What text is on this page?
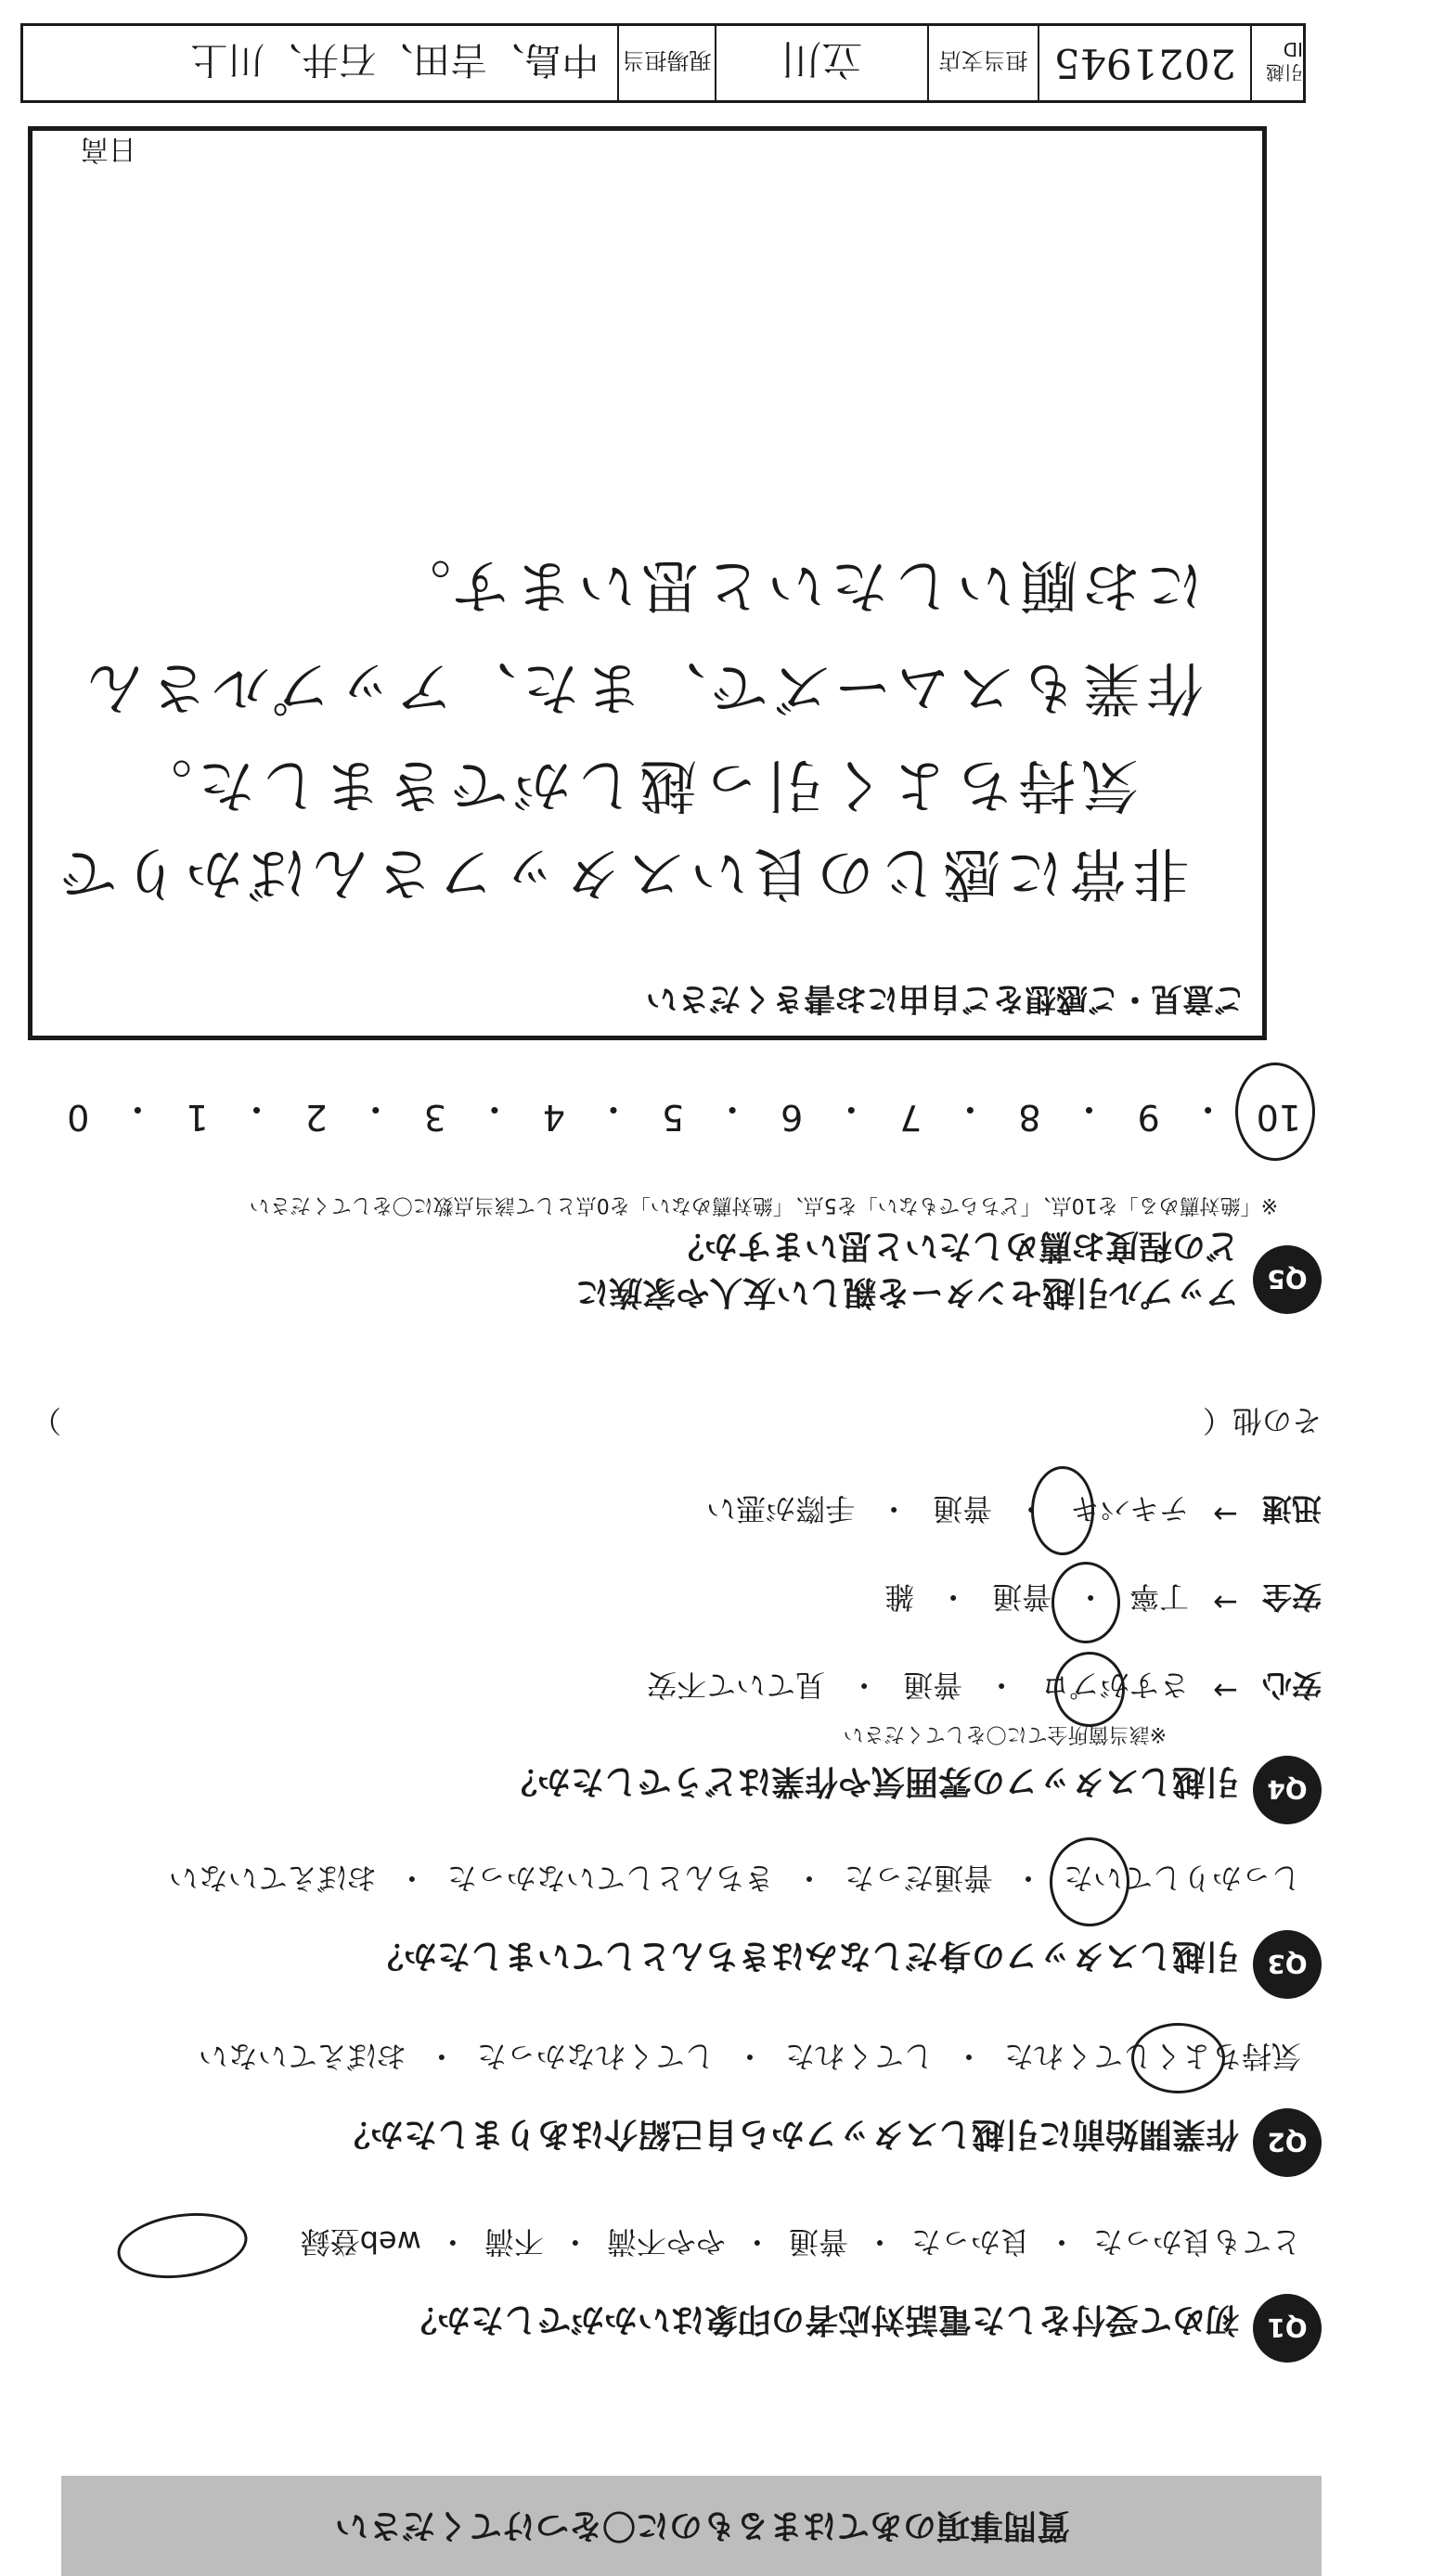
質問事項のあてはまるものに〇をつけてください
Q1
初めて受付をした電話対応者の印象はいかがでしたか？
とても良かった
・
良かった
・
普通
・
やや不満
・
不満
・
web登録
Q2
作業開始前に引越しスタッフから自己紹介はありましたか？
気持ちよくしてくれた
・
してくれた
・
してくれなかった
・
おぼえていない
Q3
引越しスタッフの身だしなみはきちんとしていましたか？
しっかりしていた
・
普通だった
・
きちんとしていなかった
・
おぼえていない
Q4
引越しスタッフの雰囲気や作業はどうでしたか？
※該当箇所全てに〇をしてください
安心
→
さすがプロ
・
普通
・
見ていて不安
安全
→
丁寧
・
普通
・
雑
迅速
→
テキパキ
・
普通
・
手際が悪い
その他（
）
Q5
アップル引越センターを親しい友人や家族に
どの程度お薦めしたいと思いますか？
※「絶対薦める」を10点、「どちらでもない」を5点、「絶対薦めない」を0点として該当点数に〇をしてください
10
・
9
・
8
・
7
・
6
・
5
・
4
・
3
・
2
・
1
・
0
ご意見・ご感想をご自由にお書きください
非常に感じの良いスタッフさんばかりで
気持ちよく引っ越しができました。
作業もスムーズで、また、アップルさん
にお願いしたいと思います。
日高
引越ID
2021945
担当支店
立川
現場担当
中島、吉田、石井、川上
